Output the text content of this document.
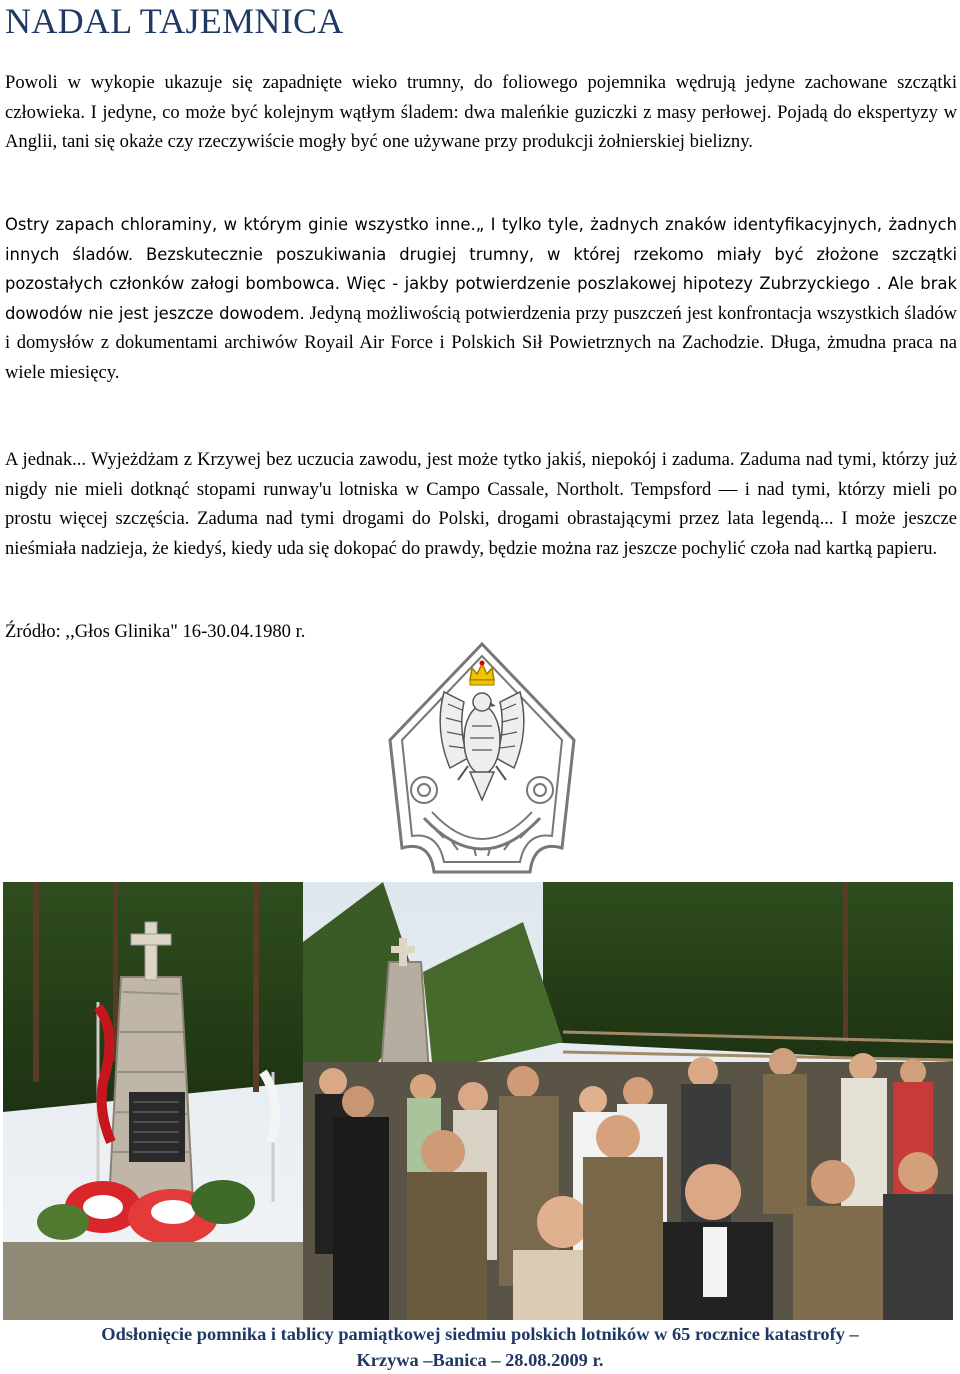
NADAL TAJEMNICA

Powoli w wykopie ukazuje się zapadnięte wieko trumny, do foliowego pojemnika wędrują jedyne zachowane szczątki człowieka. I jedyne, co może być kolejnym wątłym śladem: dwa maleńkie guziczki z masy perłowej. Pojadą do ekspertyzy w Anglii, tani się okaże czy rzeczywiście mogły być one używane przy produkcji żołnierskiej bielizny.

Ostry zapach chloraminy, w którym ginie wszystko inne.„ I tylko tyle, żadnych znaków identyfikacyjnych, żadnych innych śladów. Bezskutecznie poszukiwania drugiej trumny, w której rzekomo miały być złożone szczątki pozostałych członków załogi bombowca. Więc - jakby potwierdzenie poszlakowej hipotezy Zubrzyckiego . Ale brak dowodów nie jest jeszcze dowodem. Jedyną możliwością potwierdzenia przy puszczeń jest konfrontacja wszystkich śladów i domysłów z dokumentami archiwów Royail Air Force i Polskich Sił Powietrznych na Zachodzie. Długa, żmudna praca na wiele miesięcy.

A jednak... Wyjeżdżam z Krzywej bez uczucia zawodu, jest może tytko jakiś, niepokój i zaduma. Zaduma nad tymi, którzy już nigdy nie mieli dotknąć stopami runway'u lotniska w Campo Cassale, Northolt. Tempsford — i nad tymi, którzy mieli po prostu więcej szczęścia. Zaduma nad tymi drogami do Polski, drogami obrastającymi przez lata legendą... I może jeszcze nieśmiała nadzieja, że kiedyś, kiedy uda się dokopać do prawdy, będzie można raz jeszcze pochylić czoła nad kartką papieru.

Źródło: ,,Głos Glinika" 16-30.04.1980 r.

Odsłonięcie pomnika i tablicy pamiątkowej siedmiu polskich lotników w 65 rocznice katastrofy –

Krzywa –Banica – 28.08.2009 r.
